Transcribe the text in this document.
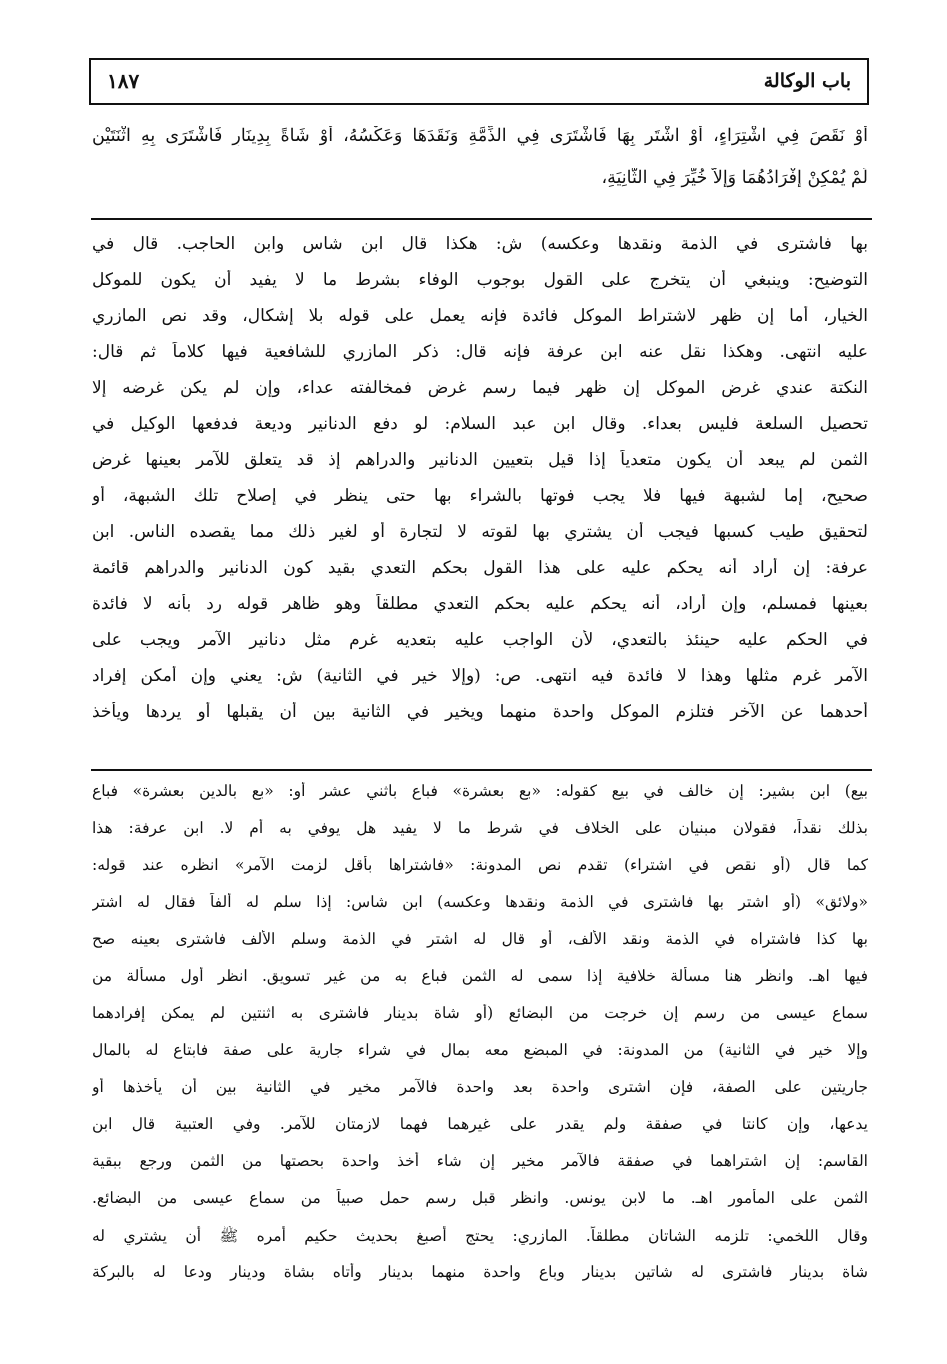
باب الوكالة
١٨٧
أَوْ نَقَصَ فِي اشْتِرَاءٍ، أَوْ اشْتَرِ بِهَا فَاشْتَرَى فِي الذِّمَّةِ وَنَقَدَهَا وَعَكْسُهُ، أَوْ شَاةً بِدِينَارٍ فَاشْتَرَى بِهِ اثْنَتَيْنِ
لَمْ يُمْكِنْ إِفْرَادُهُمَا وَإِلاَّ خُيِّرَ فِي الثَّانِيَةِ،
بها فاشترى في الذمة ونقدها وعكسه) ش: هكذا قال ابن شاس وابن الحاجب. قال في
التوضيح: وينبغي أن يتخرج على القول بوجوب الوفاء بشرط ما لا يفيد أن يكون للموكل
الخيار، أما إن ظهر لاشتراط الموكل فائدة فإنه يعمل على قوله بلا إشكال، وقد نص المازري
عليه انتهى. وهكذا نقل عنه ابن عرفة فإنه قال: ذكر المازري للشافعية فيها كلاماً ثم قال:
النكتة عندي غرض الموكل إن ظهر فيما رسم غرض فمخالفته عداء، وإن لم يكن غرضه إلا
تحصيل السلعة فليس بعداء. وقال ابن عبد السلام: لو دفع الدنانير وديعة فدفعها الوكيل في
الثمن لم يبعد أن يكون متعدياً إذا قيل بتعيين الدنانير والدراهم إذ قد يتعلق للآمر بعينها غرض
صحيح، إما لشبهة فيها فلا يجب فوتها بالشراء بها حتى ينظر في إصلاح تلك الشبهة، أو
لتحقيق طيب كسبها فيجب أن يشتري بها لقوته لا لتجارة أو لغير ذلك مما يقصده الناس. ابن
عرفة: إن أراد أنه يحكم عليه على هذا القول بحكم التعدي بقيد كون الدنانير والدراهم قائمة
بعينها فمسلم، وإن أراد، أنه يحكم عليه بحكم التعدي مطلقاً وهو ظاهر قوله رد بأنه لا فائدة
في الحكم عليه حينئذ بالتعدي، لأن الواجب عليه بتعديه غرم مثل دنانير الآمر ويجب على
الآمر غرم مثلها وهذا لا فائدة فيه انتهى. ص: (وإلا خير في الثانية) ش: يعني وإن أمكن إفراد
أحدهما عن الآخر فتلزم الموكل واحدة منهما ويخير في الثانية بين أن يقبلها أو يردها ويأخذ
بيع) ابن بشير: إن خالف في بيع كقوله: «بع بعشرة» فباع باثني عشر أو: «بع بالدين بعشرة» فباع
بذلك نقداً، فقولان مبنيان على الخلاف في شرط ما لا يفيد هل يوفي به أم لا. ابن عرفة: هذا
كما قال (أو نقص في اشتراء) تقدم نص المدونة: «فاشتراها بأقل لزمت الآمر» انظره عند قوله:
«ولائق» (أو اشتر بها فاشترى في الذمة ونقدها وعكسه) ابن شاس: إذا سلم له ألفاً فقال له اشتر
بها كذا فاشتراه في الذمة ونقد الألف، أو قال له اشتر في الذمة وسلم الألف فاشترى بعينه صح
فيها اهـ. وانظر هنا مسألة خلافية إذا سمى له الثمن فباع به من غير تسويق. انظر أول مسألة من
سماع عيسى من رسم إن خرجت من البضائع (أو شاة بدينار فاشترى به اثنتين لم يمكن إفرادهما
وإلا خير في الثانية) من المدونة: في المبضع معه بمال في شراء جارية على صفة فابتاع له بالمال
جاريتين على الصفة، فإن اشترى واحدة بعد واحدة فالآمر مخير في الثانية بين أن يأخذها أو
يدعها، وإن كانتا في صفقة ولم يقدر على غيرهما فهما لازمتان للآمر. وفي العتبية قال ابن
القاسم: إن اشتراهما في صفقة فالآمر مخير إن شاء أخذ واحدة بحصتها من الثمن ورجع ببقية
الثمن على المأمور اهـ. ما لابن يونس. وانظر قبل رسم حمل صبياً من سماع عيسى من البضائع.
وقال اللخمي: تلزمه الشاتان مطلقاً. المازري: يحتج أصبغ بحديث حكيم أمره ﷺ أن يشتري له
شاة بدينار فاشترى له شاتين بدينار وباع واحدة منهما بدينار وأتاه بشاة ودينار ودعا له بالبركة
